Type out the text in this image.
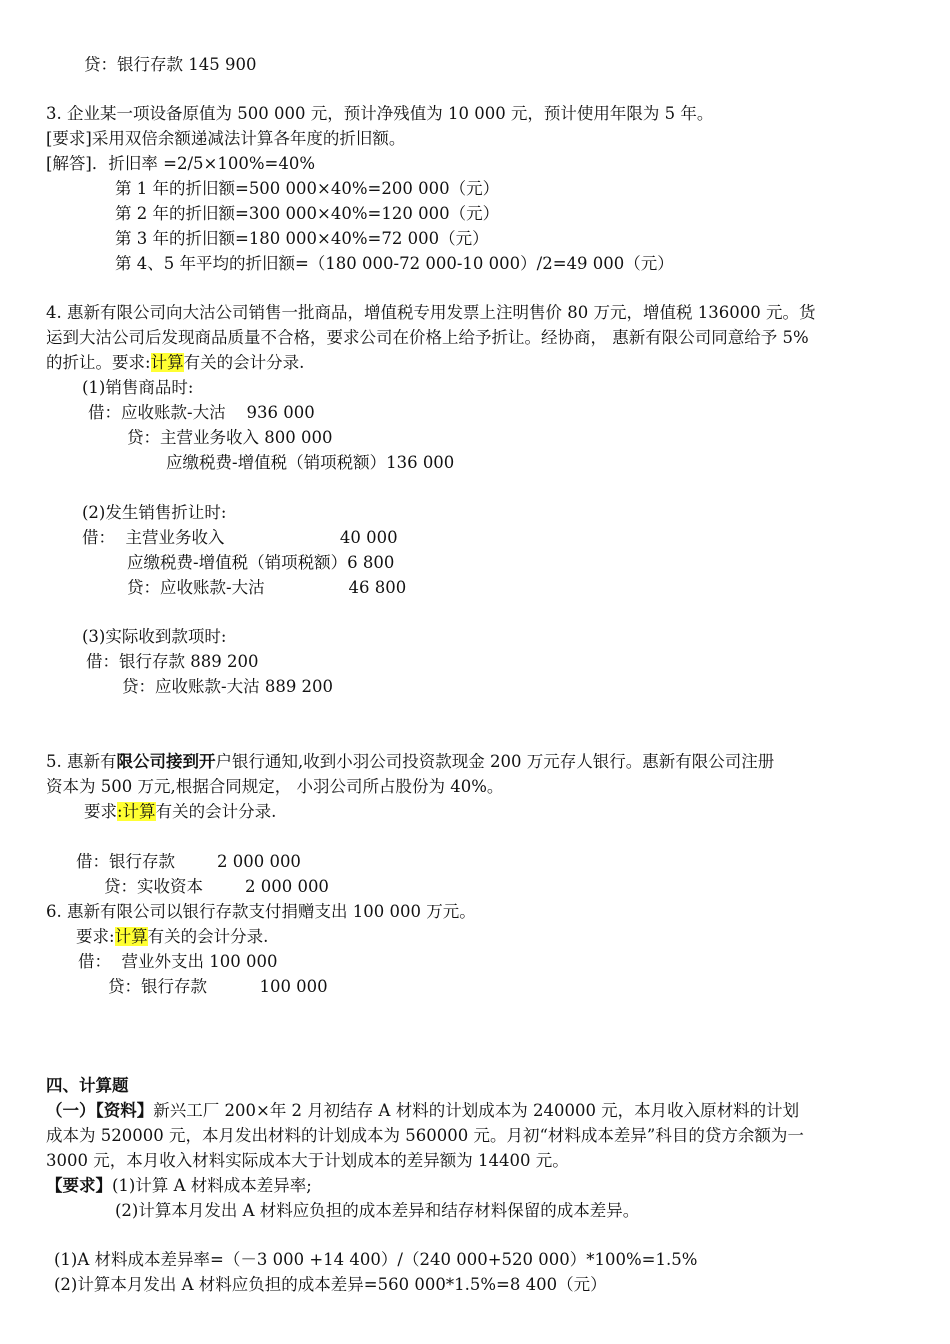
贷：银行存款 145 900
3. 企业某一项设备原值为 500 000 元，预计净残值为 10 000 元，预计使用年限为 5 年。
[要求]采用双倍余额递减法计算各年度的折旧额。
[解答]．折旧率 =2/5×100%=40%
第 1 年的折旧额=500 000×40%=200 000（元）
第 2 年的折旧额=300 000×40%=120 000（元）
第 3 年的折旧额=180 000×40%=72 000（元）
第 4、5 年平均的折旧额=（180 000-72 000-10 000）/2=49 000（元）
4. 惠新有限公司向大沽公司销售一批商品，增值税专用发票上注明售价 80 万元，增值税 136000 元。货
运到大沽公司后发现商品质量不合格，要求公司在价格上给予折让。经协商， 惠新有限公司同意给予 5%
的折让。要求:计算有关的会计分录.
(1)销售商品时:
借：应收账款-大沽    936 000
贷：主营业务收入 800 000
应缴税费-增值税（销项税额）136 000
(2)发生销售折让时:
借：  主营业务收入                      40 000
应缴税费-增值税（销项税额）6 800
贷：应收账款-大沽                46 800
(3)实际收到款项时:
借：银行存款 889 200
贷：应收账款-大沽 889 200
5. 惠新有限公司接到开户银行通知,收到小羽公司投资款现金 200 万元存人银行。惠新有限公司注册
资本为 500 万元,根据合同规定， 小羽公司所占股份为 40%。
要求:计算有关的会计分录.
借：银行存款        2 000 000
贷：实收资本        2 000 000
6. 惠新有限公司以银行存款支付捐赠支出 100 000 万元。
要求:计算有关的会计分录.
借：  营业外支出 100 000
贷：银行存款          100 000
四、计算题
（一）【资料】新兴工厂 200×年 2 月初结存 A 材料的计划成本为 240000 元，本月收入原材料的计划
成本为 520000 元，本月发出材料的计划成本为 560000 元。月初“材料成本差异”科目的贷方余额为一
3000 元，本月收入材料实际成本大于计划成本的差异额为 14400 元。
【要求】(1)计算 A 材料成本差异率;
(2)计算本月发出 A 材料应负担的成本差异和结存材料保留的成本差异。
(1)A 材料成本差异率=（－3 000 +14 400）/（240 000+520 000）*100%=1.5%
(2)计算本月发出 A 材料应负担的成本差异=560 000*1.5%=8 400（元）
